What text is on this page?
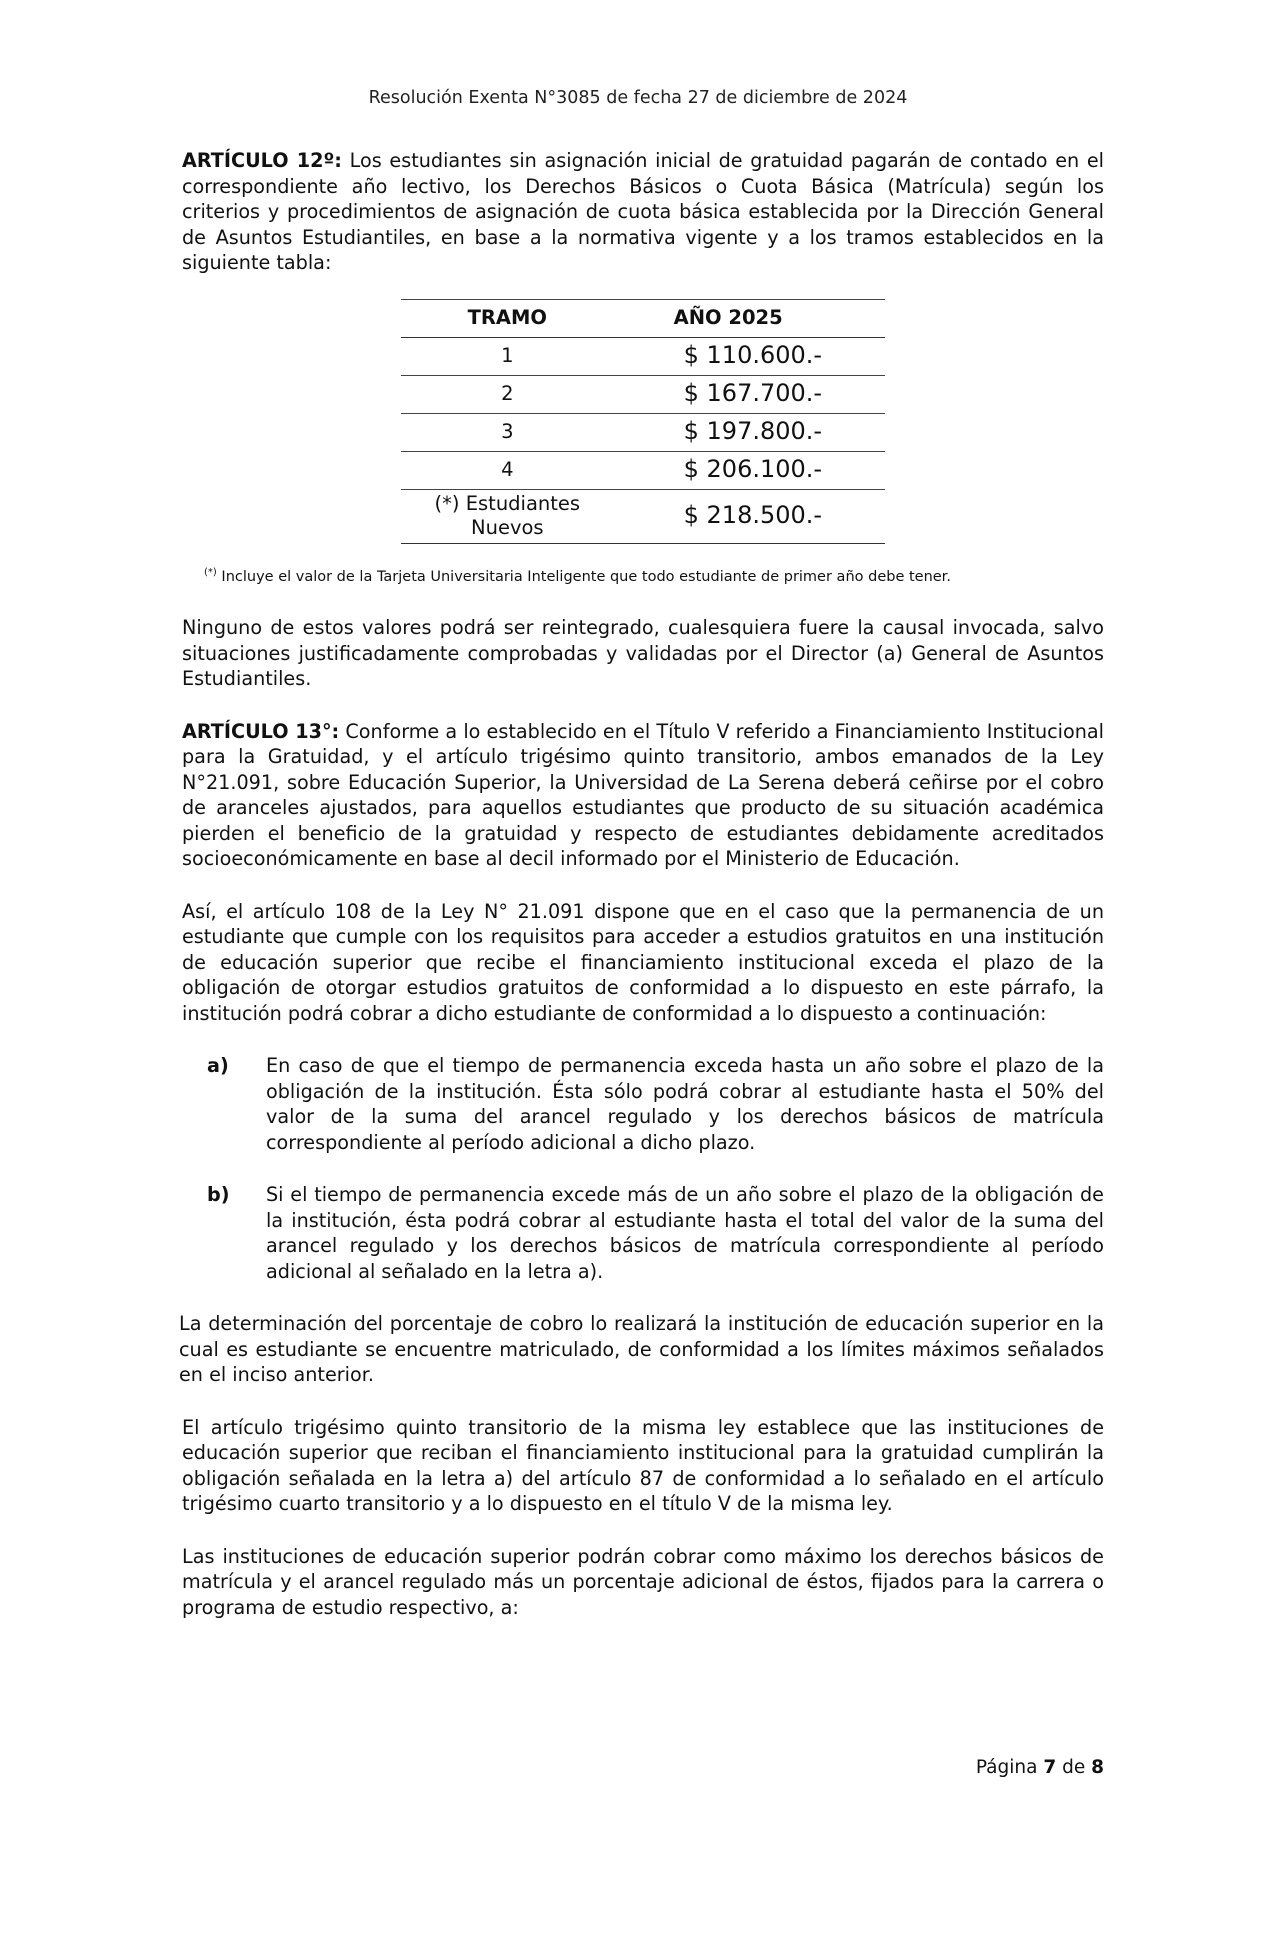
Resolución Exenta N°3085 de fecha 27 de diciembre de 2024

ARTÍCULO 12º: Los estudiantes sin asignación inicial de gratuidad pagarán de contado en el correspondiente año lectivo, los Derechos Básicos o Cuota Básica (Matrícula) según los criterios y procedimientos de asignación de cuota básica establecida por la Dirección General de Asuntos Estudiantiles, en base a la normativa vigente y a los tramos establecidos en la siguiente tabla:

TRAMO	AÑO 2025
1	$ 110.600.-
2	$ 167.700.-
3	$ 197.800.-
4	$ 206.100.-

(*) Estudiantes
Nuevos	$ 218.500.-

(*) Incluye el valor de la Tarjeta Universitaria Inteligente que todo estudiante de primer año debe tener.

Ninguno de estos valores podrá ser reintegrado, cualesquiera fuere la causal invocada, salvo situaciones justificadamente comprobadas y validadas por el Director (a) General de Asuntos Estudiantiles.

ARTÍCULO 13°: Conforme a lo establecido en el Título V referido a Financiamiento Institucional para la Gratuidad, y el artículo trigésimo quinto transitorio, ambos emanados de la Ley N°21.091, sobre Educación Superior, la Universidad de La Serena deberá ceñirse por el cobro de aranceles ajustados, para aquellos estudiantes que producto de su situación académica pierden el beneficio de la gratuidad y respecto de estudiantes debidamente acreditados socioeconómicamente en base al decil informado por el Ministerio de Educación.

Así, el artículo 108 de la Ley N° 21.091 dispone que en el caso que la permanencia de un estudiante que cumple con los requisitos para acceder a estudios gratuitos en una institución de educación superior que recibe el financiamiento institucional exceda el plazo de la obligación de otorgar estudios gratuitos de conformidad a lo dispuesto en este párrafo, la institución podrá cobrar a dicho estudiante de conformidad a lo dispuesto a continuación:

a)	En caso de que el tiempo de permanencia exceda hasta un año sobre el plazo de la obligación de la institución. Ésta sólo podrá cobrar al estudiante hasta el 50% del valor de la suma del arancel regulado y los derechos básicos de matrícula correspondiente al período adicional a dicho plazo.
b)	Si el tiempo de permanencia excede más de un año sobre el plazo de la obligación de la institución, ésta podrá cobrar al estudiante hasta el total del valor de la suma del arancel regulado y los derechos básicos de matrícula correspondiente al período adicional al señalado en la letra a).

La determinación del porcentaje de cobro lo realizará la institución de educación superior en la cual es estudiante se encuentre matriculado, de conformidad a los límites máximos señalados en el inciso anterior.

El artículo trigésimo quinto transitorio de la misma ley establece que las instituciones de educación superior que reciban el financiamiento institucional para la gratuidad cumplirán la obligación señalada en la letra a) del artículo 87 de conformidad a lo señalado en el artículo trigésimo cuarto transitorio y a lo dispuesto en el título V de la misma ley.

Las instituciones de educación superior podrán cobrar como máximo los derechos básicos de matrícula y el arancel regulado más un porcentaje adicional de éstos, fijados para la carrera o programa de estudio respectivo, a:

Página 7 de 8
